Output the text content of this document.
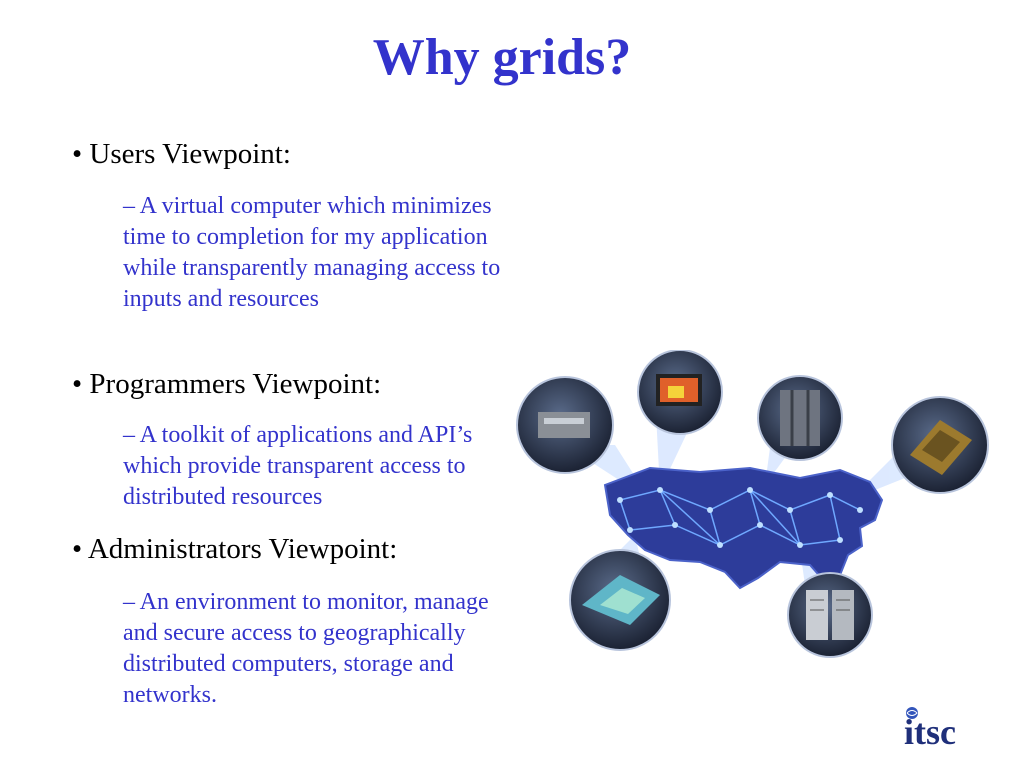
Why grids?
• Users Viewpoint:
– A virtual computer which minimizes time to completion for my application while transparently managing access to inputs and resources
• Programmers Viewpoint:
– A toolkit of applications and API’s which provide transparent access to distributed resources
• Administrators Viewpoint:
– An environment to monitor, manage and secure access to geographically distributed computers, storage and networks.
itsc
